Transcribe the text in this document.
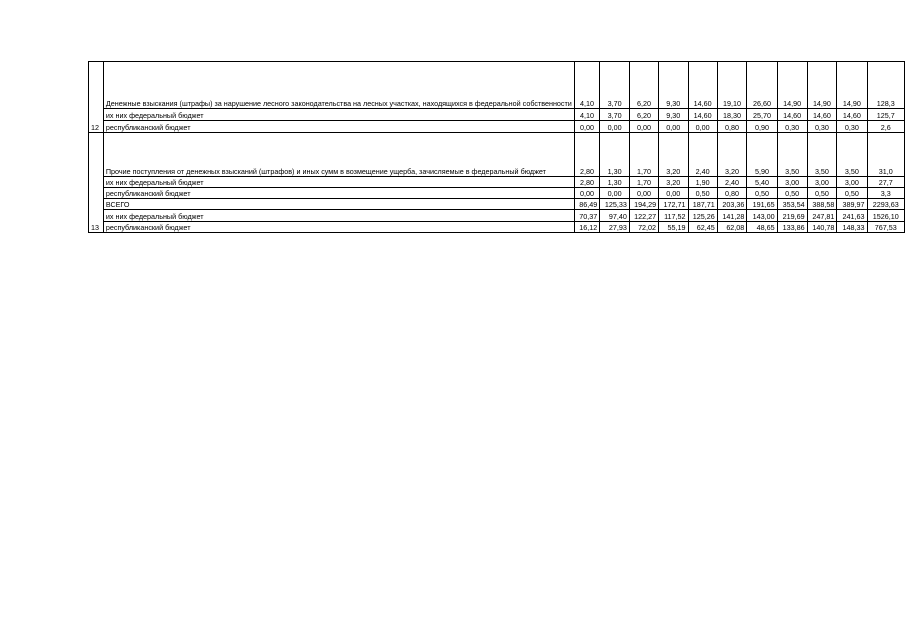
12	Денежные взыскания (штрафы) за нарушение лесного законодательства на лесных участках, находящихся в федеральной собственности	4,10	3,70	6,20	9,30	14,60	19,10	26,60	14,90	14,90	14,90	128,3
	их них федеральный бюджет	4,10	3,70	6,20	9,30	14,60	18,30	25,70	14,60	14,60	14,60	125,7
	республиканский бюджет	0,00	0,00	0,00	0,00	0,00	0,80	0,90	0,30	0,30	0,30	2,6
13	Прочие поступления от денежных взысканий (штрафов) и иных сумм в возмещение ущерба, зачисляемые в федеральный бюджет	2,80	1,30	1,70	3,20	2,40	3,20	5,90	3,50	3,50	3,50	31,0
	их них федеральный бюджет	2,80	1,30	1,70	3,20	1,90	2,40	5,40	3,00	3,00	3,00	27,7
	республиканский бюджет	0,00	0,00	0,00	0,00	0,50	0,80	0,50	0,50	0,50	0,50	3,3
	ВСЕГО	86,49	125,33	194,29	172,71	187,71	203,36	191,65	353,54	388,58	389,97	2293,63
	их них федеральный бюджет	70,37	97,40	122,27	117,52	125,26	141,28	143,00	219,69	247,81	241,63	1526,10
	республиканский бюджет	16,12	27,93	72,02	55,19	62,45	62,08	48,65	133,86	140,78	148,33	767,53
